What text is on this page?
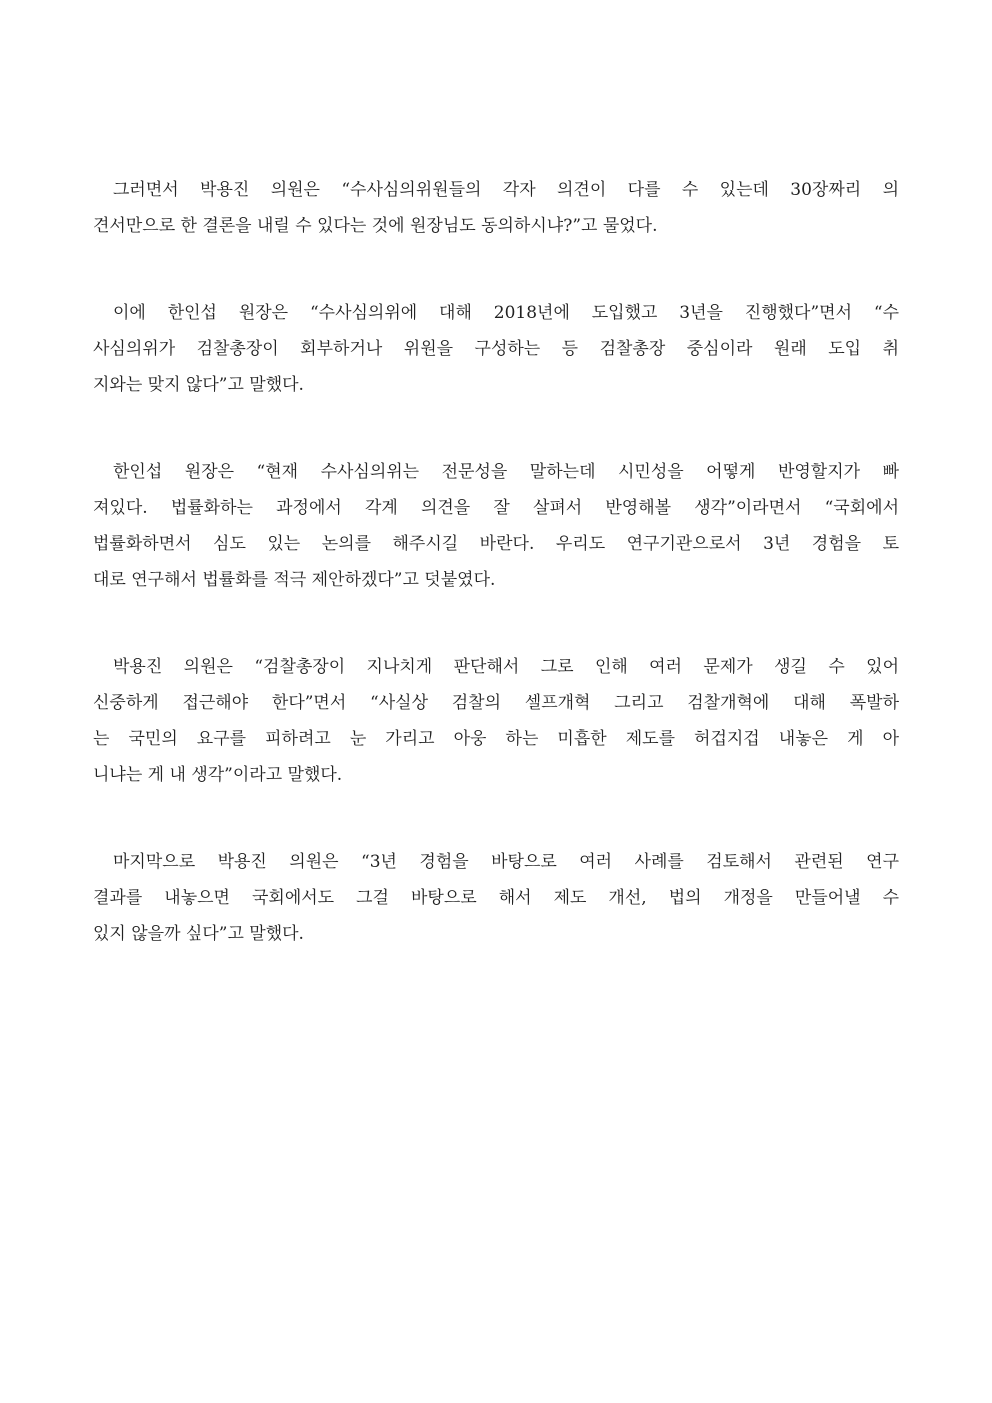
그러면서 박용진 의원은 “수사심의위원들의 각자 의견이 다를 수 있는데 30장짜리 의
견서만으로 한 결론을 내릴 수 있다는 것에 원장님도 동의하시냐?”고 물었다.

이에 한인섭 원장은 “수사심의위에 대해 2018년에 도입했고 3년을 진행했다”면서 “수
사심의위가 검찰총장이 회부하거나 위원을 구성하는 등 검찰총장 중심이라 원래 도입 취
지와는 맞지 않다”고 말했다.

한인섭 원장은 “현재 수사심의위는 전문성을 말하는데 시민성을 어떻게 반영할지가 빠
져있다. 법률화하는 과정에서 각계 의견을 잘 살펴서 반영해볼 생각”이라면서 “국회에서
법률화하면서 심도 있는 논의를 해주시길 바란다. 우리도 연구기관으로서 3년 경험을 토
대로 연구해서 법률화를 적극 제안하겠다”고 덧붙였다.

박용진 의원은 “검찰총장이 지나치게 판단해서 그로 인해 여러 문제가 생길 수 있어
신중하게 접근해야 한다”면서 “사실상 검찰의 셀프개혁 그리고 검찰개혁에 대해 폭발하
는 국민의 요구를 피하려고 눈 가리고 아웅 하는 미흡한 제도를 허겁지겁 내놓은 게 아
니냐는 게 내 생각”이라고 말했다.

마지막으로 박용진 의원은 “3년 경험을 바탕으로 여러 사례를 검토해서 관련된 연구
결과를 내놓으면 국회에서도 그걸 바탕으로 해서 제도 개선, 법의 개정을 만들어낼 수
있지 않을까 싶다”고 말했다.
